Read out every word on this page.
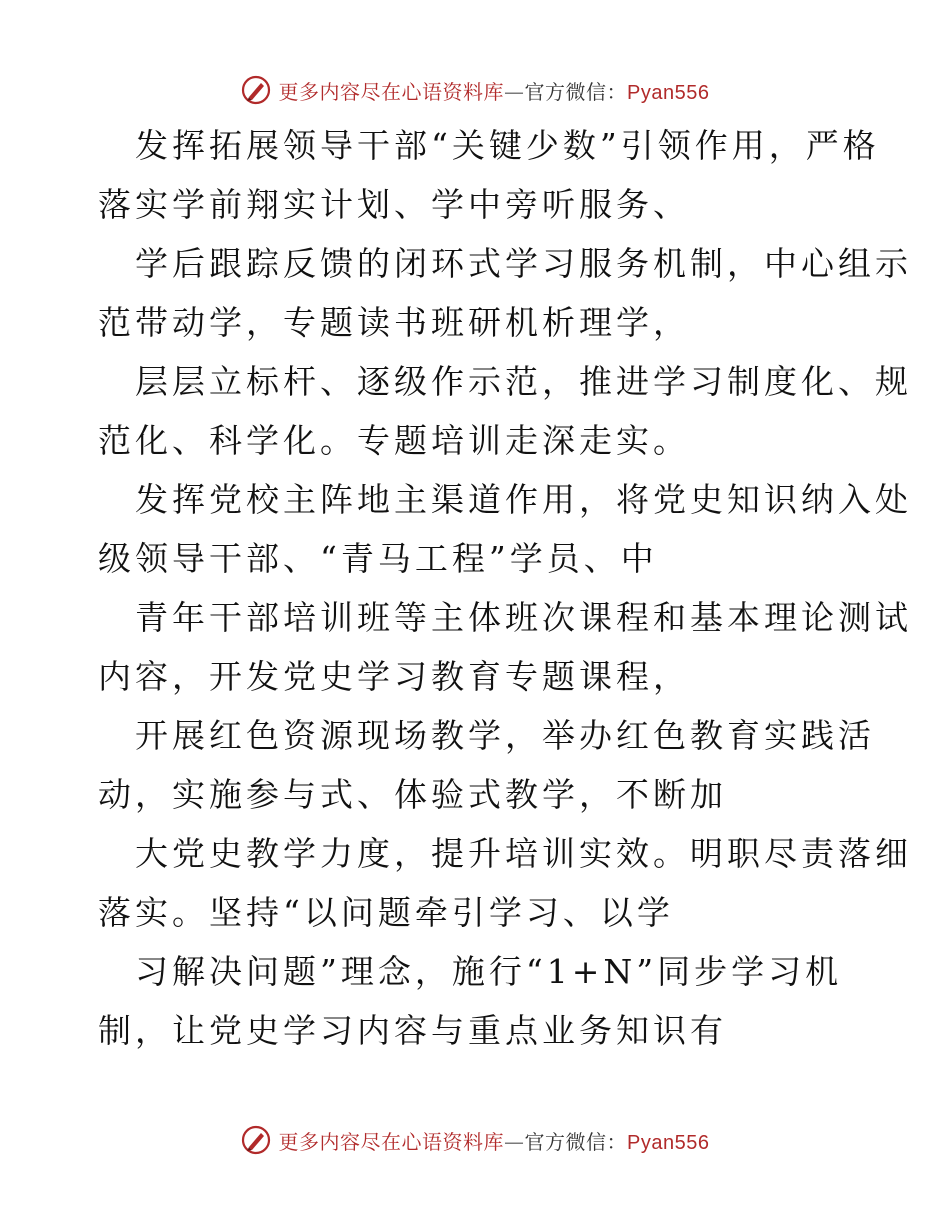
更多内容尽在心语资料库 — 官方微信： Pyan556
发挥拓展领导干部“关键少数”引领作用，严格
落实学前翔实计划、学中旁听服务、
学后跟踪反馈的闭环式学习服务机制，中心组示
范带动学，专题读书班研机析理学，
层层立标杆、逐级作示范，推进学习制度化、规
范化、科学化。专题培训走深走实。
发挥党校主阵地主渠道作用，将党史知识纳入处
级领导干部、“青马工程”学员、中
青年干部培训班等主体班次课程和基本理论测试
内容，开发党史学习教育专题课程，
开展红色资源现场教学，举办红色教育实践活
动，实施参与式、体验式教学，不断加
大党史教学力度，提升培训实效。明职尽责落细
落实。坚持“以问题牵引学习、以学
习解决问题”理念，施行“1+N”同步学习机
制，让党史学习内容与重点业务知识有
更多内容尽在心语资料库 — 官方微信： Pyan556
